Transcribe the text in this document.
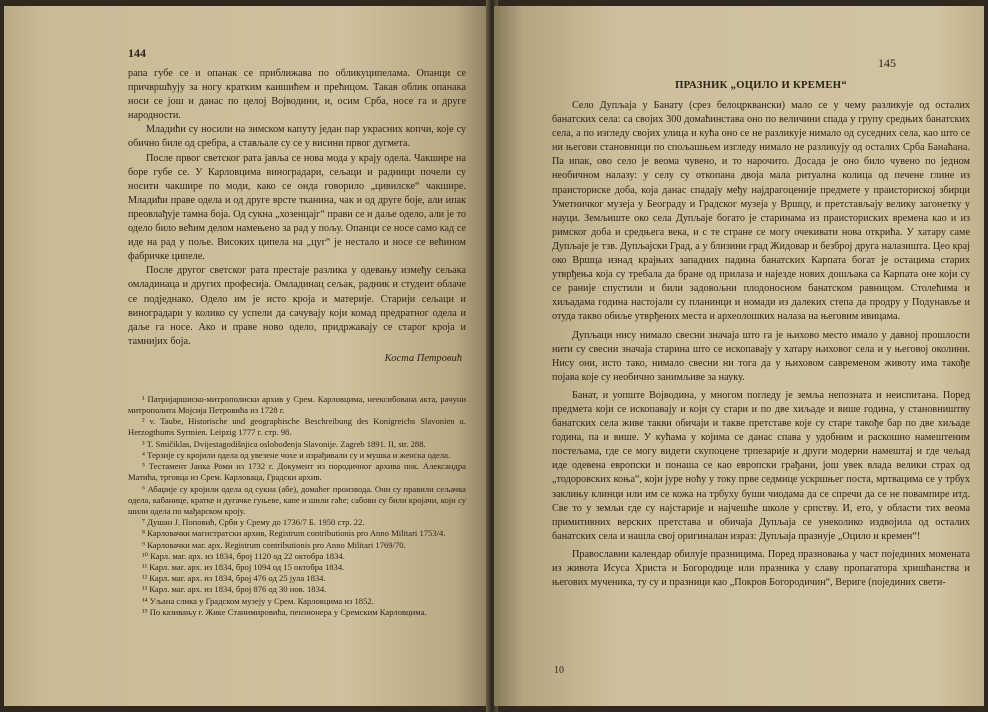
144

рапа губе се и опанак се приближава по обликуципелама. Опанци се причвршћују за ногу кратким каишићем и прећицом. Такав облик опанака носи се још и данас по целој Војводини, и, осим Срба, носе га и друге народности.

Младићи су носили на зимском капуту један пар украсних копчи, које су обично биле од сребра, а стављале су се у висини првог дугмета.

После првог светског рата јавља се нова мода у крају одела. Чакшире на боре губе се. У Карловцима виноградари, сељаци и радници почели су носити чакшире по моди, како се онда говорило „цивилске“ чакшире. Младићи праве одела и од друге врсте тканина, чак и од друге боје, али ипак преовлађује тамна боја. Од сукна „хозенцајг“ прави се и даље одело, али је то одело било већим делом намењено за рад у пољу. Опанци се носе само кад се иде на рад у поље. Високих ципела на „цуг“ је нестало и носе се већином фабричке ципеле.

После другог светског рата престаје разлика у одевању између сељака омладинаца и других професија. Омладинац сељак, радник и студент облаче се подједнако. Одело им је исто кроја и материје. Старији сељаци и виноградари у колико су успели да сачувају који комад предратног одела и даље га носе. Ако и праве ново одело, придржавају се старог кроја и тамнијих боја.

Коста Петровић

¹ Патријаршиско-митрополиски архив у Срем. Карловцима, неексибована акта, рачуни митрополита Мојсија Петровића из 1728 г.

² v. Taube, Historische und geographische Beschreibung des Konigreichs Slavonien u. Herzogthums Syrmien. Leipzig 1777 г. стр. 98.

³ T. Smičiklas, Dvijestagodišnjica oslobođenja Slavonije. Zagreb 1891. II, str. 288.

⁴ Терзије су кројили одела од увезене чохе и израђивали су и мушка и женска одела.

⁵ Тестамент Јанка Роми из 1732 г. Документ из породичног архива пок. Александра Матића, трговца из Срем. Карловаца, Градски архив.

⁶ Абаџије су кројили одела од сукна (абе), домаћег производа. Они су правили сељачка одела, кабанице, кратке и дугачке гуњеве, капе и шили гаће; сабови су били кројачи, који су шили одела по мађарском кроју.

⁷ Душан Ј. Поповић, Срби у Срему до 1736/7 Б. 1950 стр. 22.

⁸ Карловачки магистратски архив, Registrum contributionis pro Anno Militari 1753/4.

⁹ Карловачки маг. арх. Registrum contributionis pro Anno Militari 1769/70.

¹⁰ Карл. маг. арх. из 1834, број 1120 од 22 октобра 1834.

¹¹ Карл. маг. арх. из 1834, број 1094 од 15 октобра 1834.

¹² Карл. маг. арх. из 1834, број 476 од 25 јула 1834.

¹³ Карл. маг. арх. из 1834, број 876 од 30 нов. 1834.

¹⁴ Уљана слика у Градском музеју у Срем. Карловцима из 1852.

¹⁵ По казивању г. Жике Станимировића, пензионера у Сремским Карловцима.

145
ПРАЗНИК „ОЦИЛО И КРЕМЕН“

Село Дупљаја у Банату (срез белоцрквански) мало се у чему разликује од осталих банатских села: са својих 300 домаћинстава оно по величини спада у групу средњих банатских села, а по изгледу својих улица и кућа оно се не разликује нимало од суседних села, као што се ни његови становници по спољашњем изгледу нимало не разликују од осталих Срба Банаћана. Па ипак, ово село је веома чувено, и то нарочито. Досада је оно било чувено по једном необичном налазу: у селу су откопана двоја мала ритуална колица од печене глине из праисториске доба, која данас спадају међу најдрагоценије предмете у праисториској збирци Уметничког музеја у Београду и Градског музеја у Вршцу, и претстављају велику загонетку у науци. Земљиште око села Дупљаје богато је старинама из праисториских времена као и из римског доба и средњега века, и с те стране се могу очекивати нова открића. У хатару саме Дупљаје је тзв. Дупљајски Град, а у близини град Жидовар и безброј друга налазишта. Цео крај око Вршца изнад крајњих западних падина банатских Карпата богат је остацима старих утврђења која су требала да бране од прилаза и најезде нових дошљака са Карпата оне који су се раније спустили и били задовољни плодоносном банатском равницом. Столећима и хиљадама година настојали су планинци и номади из далеких степа да продру у Подунавље и отуда такво обиље утврђених места и археолошких налаза на његовим ивицама.

Дупљаци нису нимало свесни значаја што га је њихово место имало у давној прошлости нити су свесни значаја старина што се ископавају у хатару њиховог села и у његовој околини. Нису они, исто тако, нимало свесни ни тога да у њиховом савременом животу има такође појава које су необично занимљиве за науку.

Банат, и уопште Војводина, у многом погледу је земља непозната и неиспитана. Поред предмета који се ископавају и који су стари и по две хиљаде и више година, у становништву банатских села живе такви обичаји и такве претставе које су старе такође бар по две хиљаде година, па и више. У кућама у којима се данас спава у удобним и раскошно намештеним постељама, где се могу видети скупоцене трпезарије и други модерни намештај и где чељад иде одевена европски и понаша се као европски грађани, још увек влада велики страх од „тодоровских коња“, који јуре ноћу у току прве седмице ускршњег поста, мртвацима се у трбух заклињу клинци или им се кожа на трбуху буши чиодама да се спречи да се не повампире итд. Све то у земљи где су најстарије и најчешће школе у српству. И, ето, у области тих веома примитивних верских претстава и обичаја Дупљаја се унеколико издвојила од осталих банатских села и нашла свој оригиналан израз: Дупљаја празнује „Оцило и кремен“!

Православни календар обилује празницима. Поред празновања у част појединих момената из живота Исуса Христа и Богородице или празника у славу пропагатора хришћанства и његових мученика, ту су и празници као „Покров Богородичин“, Вериге (појединих свети-

10
